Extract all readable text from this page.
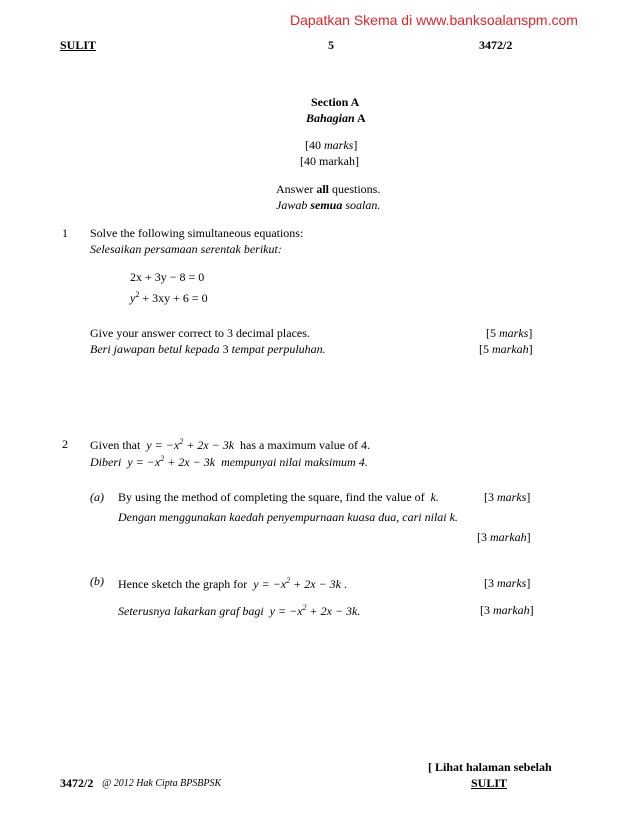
Dapatkan Skema di www.banksoalanspm.com
SULIT	5	3472/2
Section A
Bahagian A
[40 marks]
[40 markah]
Answer all questions.
Jawab semua soalan.
1 Solve the following simultaneous equations:
Selesaikan persamaan serentak berikut:
2x + 3y − 8 = 0
$y^2 + 3xy + 6 = 0$
Give your answer correct to 3 decimal places.
Beri jawapan betul kepada 3 tempat perpuluhan.
[5 marks]
[5 markah]
2 Given that $y = -x^2 + 2x - 3k$ has a maximum value of 4.
Diberi $y = -x^2 + 2x - 3k$ mempunyai nilai maksimum 4.
(a) By using the method of completing the square, find the value of k.	[3 marks]
Dengan menggunakan kaedah penyempurnaan kuasa dua, cari nilai k.
[3 markah]
(b) Hence sketch the graph for $y = -x^2 + 2x - 3k$ .	[3 marks]
Seterusnya lakarkan graf bagi $y = -x^2 + 2x - 3k$.	[3 markah]
[ Lihat halaman sebelah
3472/2 @ 2012 Hak Cipta BPSBPSK	SULIT
